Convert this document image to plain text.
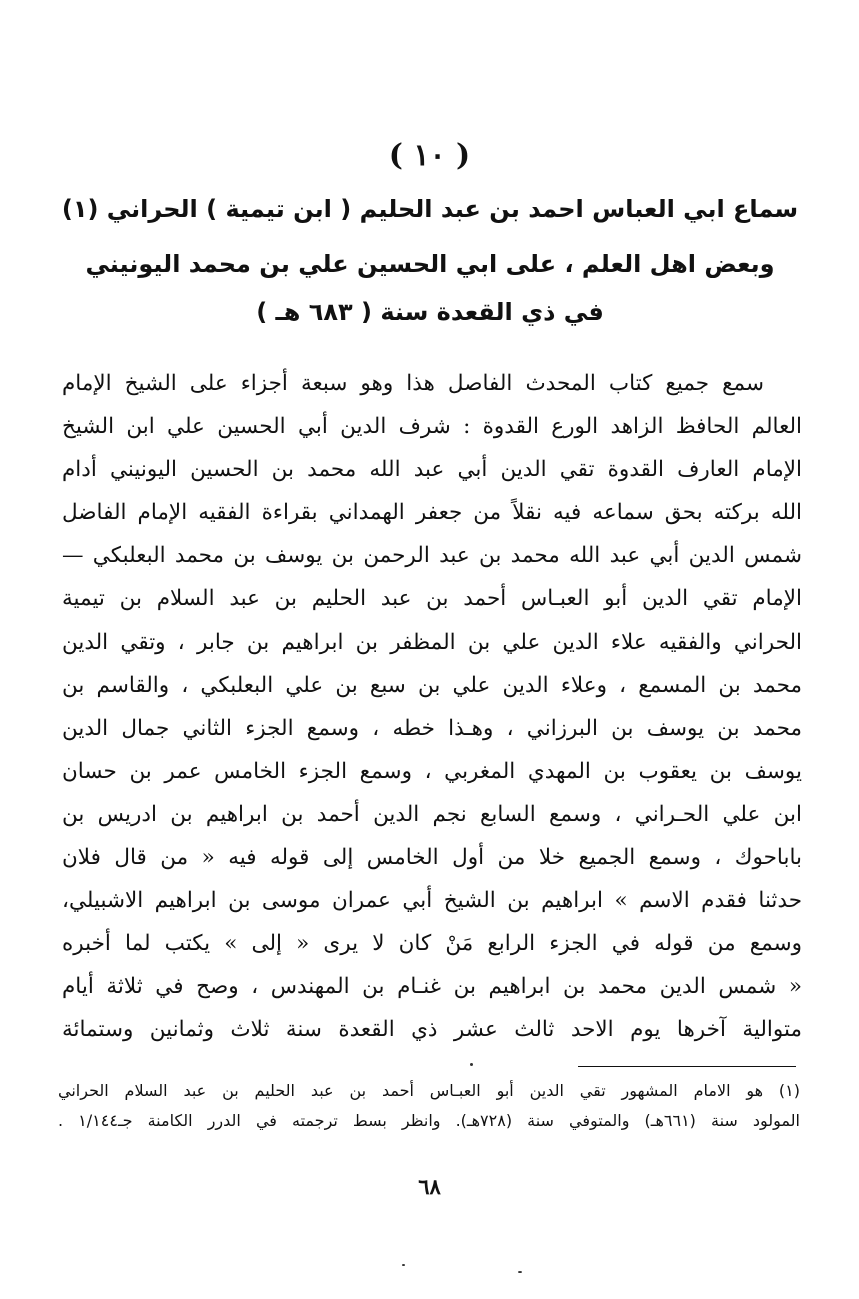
( ١٠ )
سماع ابي العباس احمد بن عبد الحليم ( ابن تيمية ) الحراني (١)
وبعض اهل العلم ، على ابي الحسين علي بن محمد اليونيني
في ذي القعدة سنة ( ٦٨٣ هـ )
سمع جميع كتاب المحدث الفاصل هذا وهو سبعة أجزاء على الشيخ الإمام
العالم الحافظ الزاهد الورع القدوة : شرف الدين أبي الحسين علي ابن الشيخ
الإمام العارف القدوة تقي الدين أبي عبد الله محمد بن الحسين اليونيني أدام
الله بركته بحق سماعه فيه نقلاً من جعفر الهمداني بقراءة الفقيه الإمام الفاضل
شمس الدين أبي عبد الله محمد بن عبد الرحمن بن يوسف بن محمد البعلبكي —
الإمام تقي الدين أبو العبـاس أحمد بن عبد الحليم بن عبد السلام بن تيمية
الحراني والفقيه علاء الدين علي بن المظفر بن ابراهيم بن جابر ، وتقي الدين
محمد بن المسمع ، وعلاء الدين علي بن سبع بن علي البعلبكي ، والقاسم بن
محمد بن يوسف بن البرزاني ، وهـذا خطه ، وسمع الجزء الثاني جمال الدين
يوسف بن يعقوب بن المهدي المغربي ، وسمع الجزء الخامس عمر بن حسان
ابن علي الحـراني ، وسمع السابع نجم الدين أحمد بن ابراهيم بن ادريس بن
باباحوك ، وسمع الجميع خلا من أول الخامس إلى قوله فيه « من قال فلان
حدثنا فقدم الاسم » ابراهيم بن الشيخ أبي عمران موسى بن ابراهيم الاشبيلي،
وسمع من قوله في الجزء الرابع مَنْ كان لا يرى « إلى » يكتب لما أخبره
« شمس الدين محمد بن ابراهيم بن غنـام بن المهندس ، وصح في ثلاثة أيام
متوالية آخرها يوم الاحد ثالث عشر ذي القعدة سنة ثلاث وثمانين وستمائة
(١) هو الامام المشهور تقي الدين أبو العبـاس أحمد بن عبد الحليم بن عبد السلام الحراني
المولود سنة (٦٦١هـ) والمتوفي سنة (٧٢٨هـ). وانظر بسط ترجمته في الدرر الكامنة جـ١/١٤٤ .
٦٨
